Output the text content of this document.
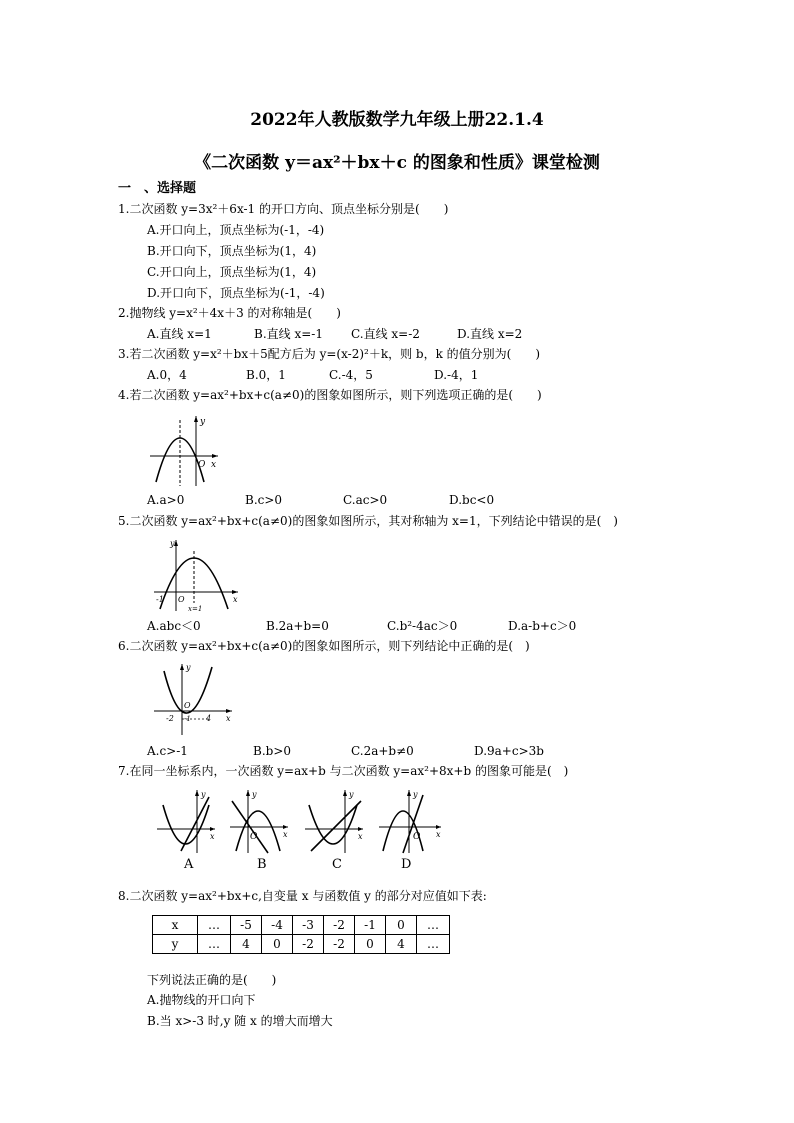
2022年人教版数学九年级上册22.1.4
《二次函数 y＝ax²＋bx＋c 的图象和性质》课堂检测
一　、选择题
1.二次函数 y=3x²＋6x-1 的开口方向、顶点坐标分别是(　　)
A.开口向上，顶点坐标为(-1，-4)
B.开口向下，顶点坐标为(1，4)
C.开口向上，顶点坐标为(1，4)
D.开口向下，顶点坐标为(-1，-4)
2.抛物线 y=x²＋4x＋3 的对称轴是(　　)
A.直线 x=1	B.直线 x=-1 C.直线 x=-2	D.直线 x=2
3.若二次函数 y=x²＋bx＋5配方后为 y=(x-2)²＋k，则 b，k 的值分别为(　　)
A.0，4	B.0，1	C.-4，5	D.-4，1
4.若二次函数 y=ax²+bx+c(a≠0)的图象如图所示，则下列选项正确的是(　　)
y
x
O
A.a>0	B.c>0	C.ac>0	D.bc<0
5.二次函数 y=ax²+bx+c(a≠0)的图象如图所示，其对称轴为 x=1，下列结论中错误的是(　)
y
x
O
-1
x=1
A.abc＜0	B.2a+b=0	C.b²-4ac＞0	D.a-b+c＞0
6.二次函数 y=ax²+bx+c(a≠0)的图象如图所示，则下列结论中正确的是(　)
y
x
O
-2	4
-1
A.c>-1	B.b>0	C.2a+b≠0	D.9a+c>3b
7.在同一坐标系内，一次函数 y=ax+b 与二次函数 y=ax²+8x+b 的图象可能是(　)
y
x
A
y
x
O
B
y
x
C
y
x
O
D
8.二次函数 y=ax²+bx+c,自变量 x 与函数值 y 的部分对应值如下表:
x	…	-5	-4	-3	-2	-1	0	…
y	…	4	0	-2	-2	0	4	…
下列说法正确的是(　　)
A.抛物线的开口向下
B.当 x>-3 时,y 随 x 的增大而增大
